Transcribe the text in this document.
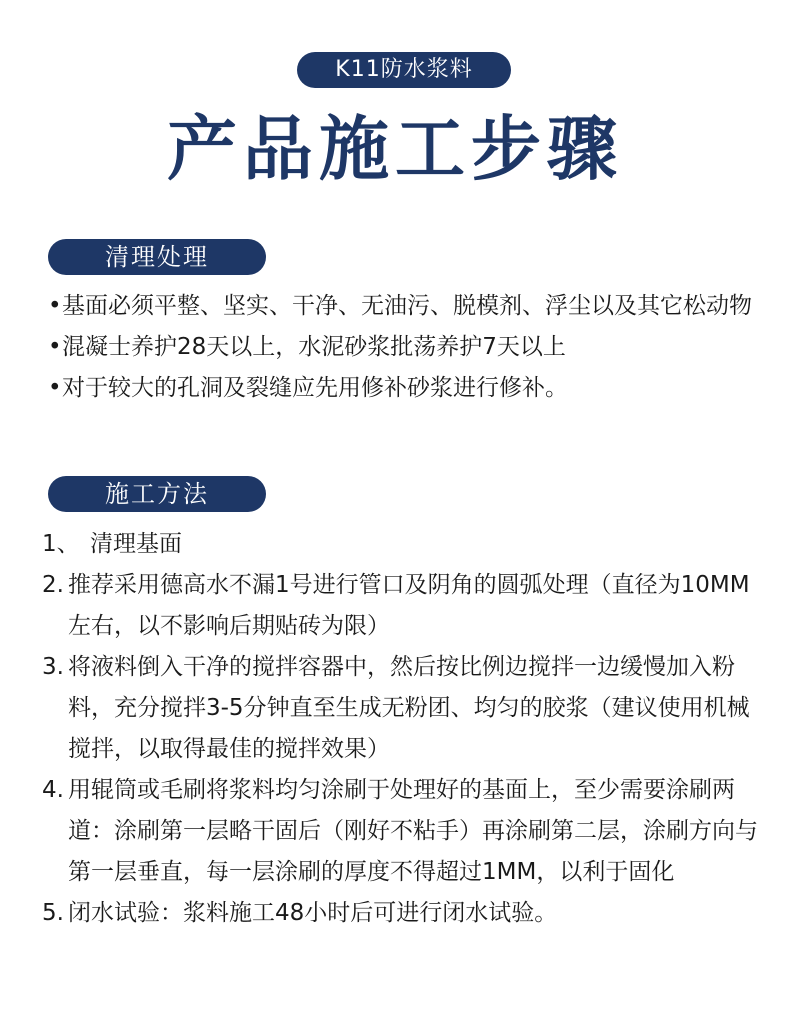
K11防水浆料
产品施工步骤
清理处理
• 基面必须平整、坚实、干净、无油污、脱模剂、浮尘以及其它松动物
• 混凝士养护28天以上，水泥砂浆批荡养护7天以上
• 对于较大的孔洞及裂缝应先用修补砂浆进行修补。
施工方法
1、 清理基面
2. 推荐采用德高水不漏1号进行管口及阴角的圆弧处理（直径为10MM左右，以不影响后期贴砖为限）
3. 将液料倒入干净的搅拌容器中，然后按比例边搅拌一边缓慢加入粉料，充分搅拌3-5分钟直至生成无粉团、均匀的胶浆（建议使用机械搅拌，以取得最佳的搅拌效果）
4. 用辊筒或毛刷将浆料均匀涂刷于处理好的基面上，至少需要涂刷两道：涂刷第一层略干固后（刚好不粘手）再涂刷第二层，涂刷方向与第一层垂直，每一层涂刷的厚度不得超过1MM，以利于固化
5. 闭水试验：浆料施工48小时后可进行闭水试验。
